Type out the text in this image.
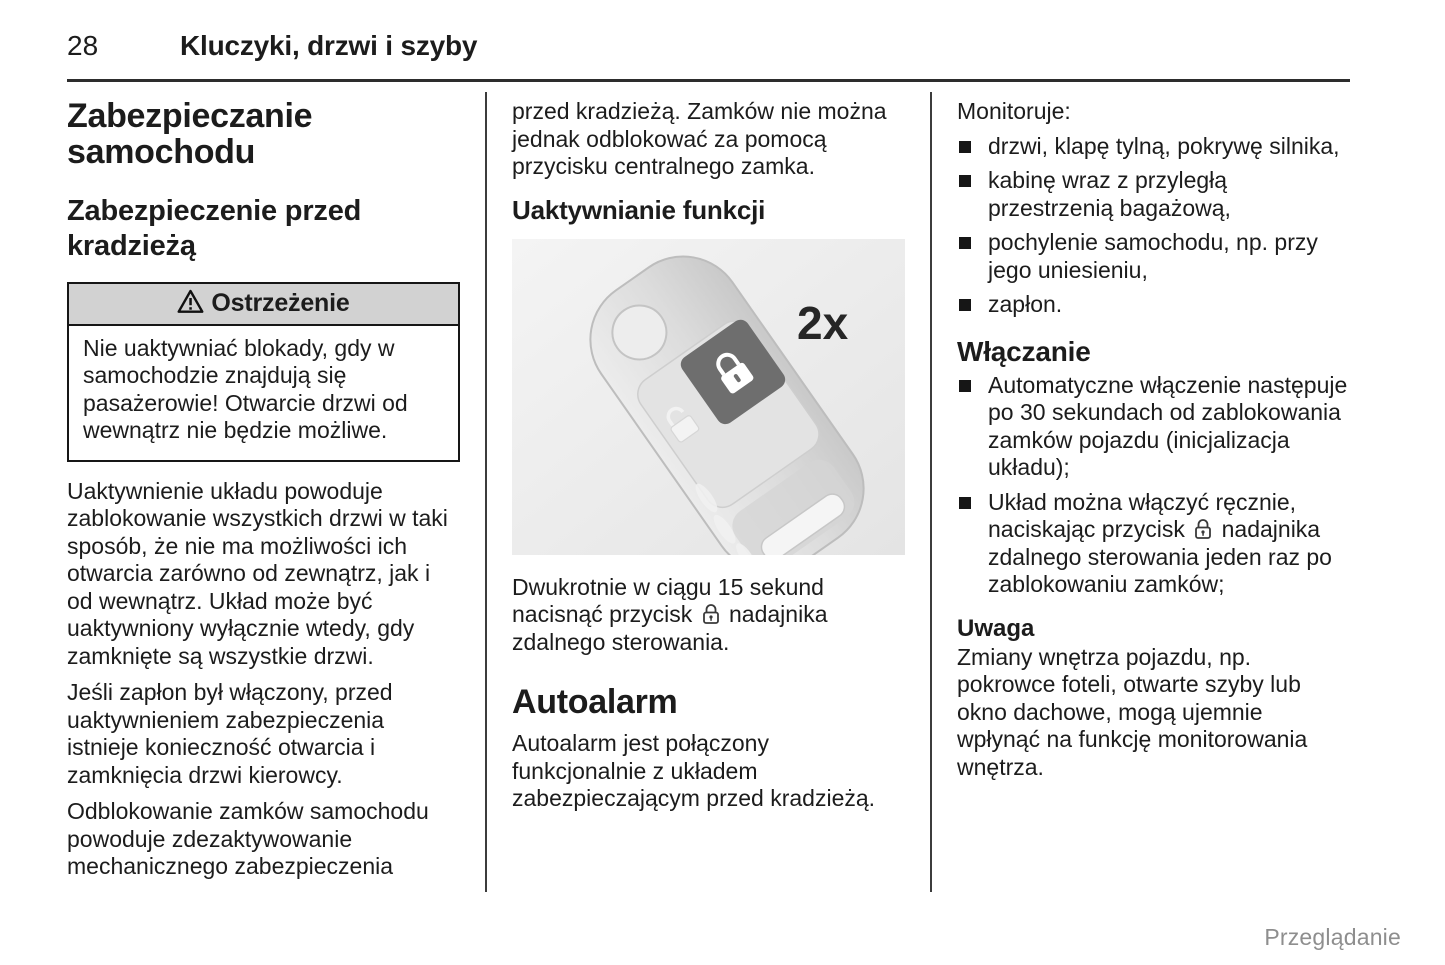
28	Kluczyki, drzwi i szyby
Zabezpieczanie samochodu
Zabezpieczenie przed kradzieżą
Ostrzeżenie

Nie uaktywniać blokady, gdy w samochodzie znajdują się pasażerowie! Otwarcie drzwi od wewnątrz nie będzie możliwe.

Uaktywnienie układu powoduje zablokowanie wszystkich drzwi w taki sposób, że nie ma możliwości ich otwarcia zarówno od zewnątrz, jak i od wewnątrz. Układ może być uaktywniony wyłącznie wtedy, gdy zamknięte są wszystkie drzwi.

Jeśli zapłon był włączony, przed uaktywnieniem zabezpieczenia istnieje konieczność otwarcia i zamknięcia drzwi kierowcy.

Odblokowanie zamków samochodu powoduje zdezaktywowanie mechanicznego zabezpieczenia

przed kradzieżą. Zamków nie można jednak odblokować za pomocą przycisku centralnego zamka.

Uaktywnianie funkcji
2x

Dwukrotnie w ciągu 15 sekund nacisnąć przycisk nadajnika zdalnego sterowania.

Autoalarm

Autoalarm jest połączony funkcjonalnie z układem zabezpieczającym przed kradzieżą.

Monitoruje:

drzwi, klapę tylną, pokrywę silnika,
kabinę wraz z przyległą przestrzenią bagażową,
pochylenie samochodu, np. przy jego uniesieniu,
zapłon.
Włączanie
Automatyczne włączenie następuje po 30 sekundach od zablokowania zamków pojazdu (inicjalizacja układu);
Układ można włączyć ręcznie, naciskając przycisk nadajnika zdalnego sterowania jeden raz po zablokowaniu zamków;
Uwaga

Zmiany wnętrza pojazdu, np. pokrowce foteli, otwarte szyby lub okno dachowe, mogą ujemnie wpłynąć na funkcję monitorowania wnętrza.

Przeglądanie
